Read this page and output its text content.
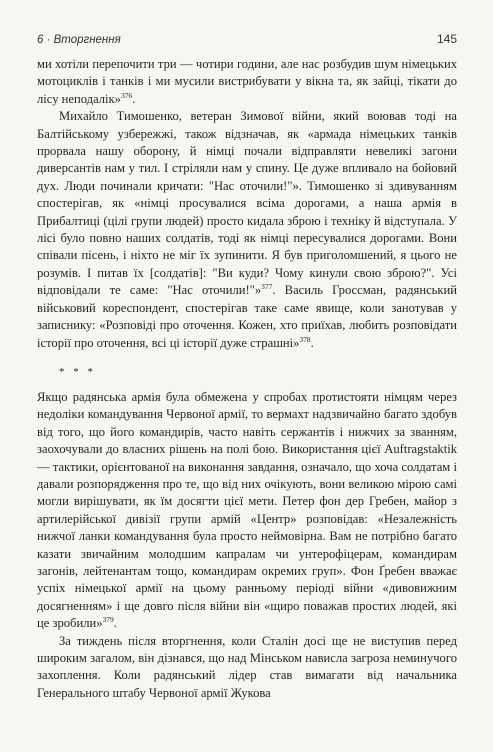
6 · Вторгнення	145

ми хотіли перепочити три — чотири години, але нас розбудив шум німецьких мотоциклів і танків і ми мусили вистрибувати у вікна та, як зайці, тікати до лісу неподалік»$^{376}$.

Михайло Тимошенко, ветеран Зимової війни, який воював тоді на Балтійському узбережжі, також відзначав, як «армада німецьких танків прорвала нашу оборону, й німці почали відправляти невеликі загони диверсантів нам у тил. І стріляли нам у спину. Це дуже впливало на бойовий дух. Люди починали кричати: "Нас оточили!"». Тимошенко зі здивуванням спостерігав, як «німці просувалися всіма дорогами, а наша армія в Прибалтиці (цілі групи людей) просто кидала зброю і техніку й відступала. У лісі було повно наших солдатів, тоді як німці пересувалися дорогами. Вони співали пісень, і ніхто не міг їх зупинити. Я був приголомшений, я цього не розумів. І питав їх [солдатів]: "Ви куди? Чому кинули свою зброю?". Усі відповідали те саме: "Нас оточили!"»$^{377}$. Василь Гроссман, радянський військовий кореспондент, спостерігав таке саме явище, коли занотував у записнику: «Розповіді про оточення. Кожен, хто приїхав, любить розповідати історії про оточення, всі ці історії дуже страшні»$^{378}$.

* * *

Якщо радянська армія була обмежена у спробах протистояти німцям через недоліки командування Червоної армії, то вермахт надзвичайно багато здобув від того, що його командирів, часто навіть сержантів і нижчих за званням, заохочували до власних рішень на полі бою. Використання цієї Auftragstaktik — тактики, орієнтованої на виконання завдання, означало, що хоча солдатам і давали розпорядження про те, що від них очікують, вони великою мірою самі могли вирішувати, як їм досягти цієї мети. Петер фон дер Гребен, майор з артилерійської дивізії групи армій «Центр» розповідав: «Незалежність нижчої ланки командування була просто неймовірна. Вам не потрібно багато казати звичайним молодшим капралам чи унтерофіцерам, командирам загонів, лейтенантам тощо, командирам окремих груп». Фон Ґребен вважає успіх німецької армії на цьому ранньому періоді війни «дивовижним досягненням» і ще довго після війни він «щиро поважав простих людей, які це зробили»$^{379}$.

За тиждень після вторгнення, коли Сталін досі ще не виступив перед широким загалом, він дізнався, що над Мінськом нависла загроза неминучого захоплення. Коли радянський лідер став вимагати від начальника Генерального штабу Червоної армії Жукова
